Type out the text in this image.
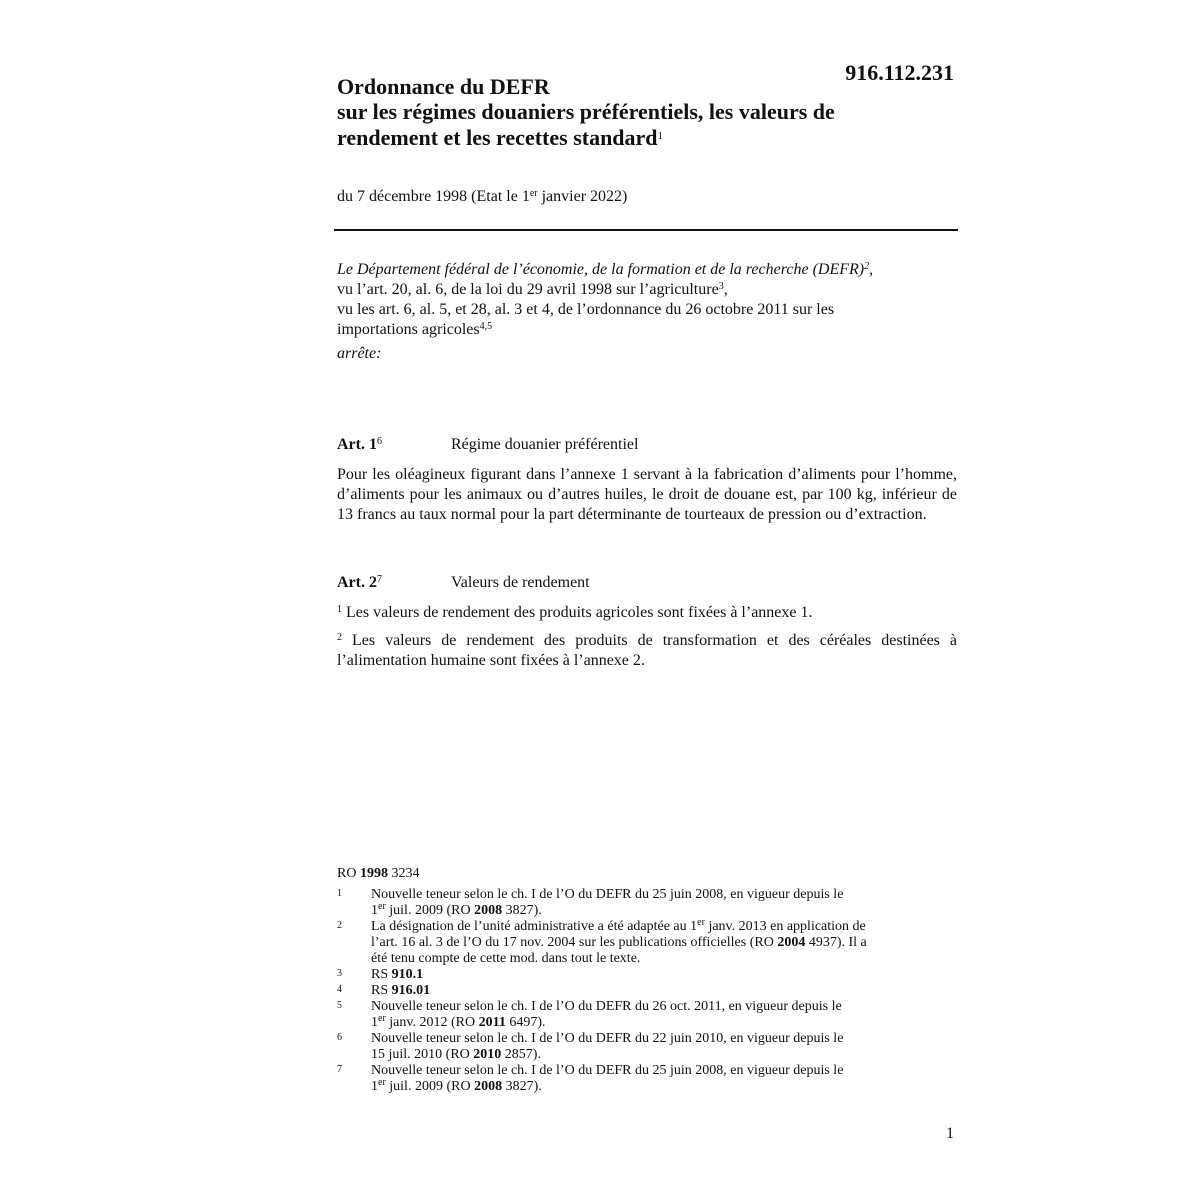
916.112.231
Ordonnance du DEFR
sur les régimes douaniers préférentiels, les valeurs de
rendement et les recettes standard$^1$
du 7 décembre 1998 (Etat le 1er janvier 2022)
Le Département fédéral de l’économie, de la formation et de la recherche (DEFR)$^2$,
vu l’art. 20, al. 6, de la loi du 29 avril 1998 sur l’agriculture$^3$,
vu les art. 6, al. 5, et 28, al. 3 et 4, de l’ordonnance du 26 octobre 2011 sur les
importations agricoles$^{4,5}$
arrête:
Art. $1^6$	Régime douanier préférentiel
Pour les oléagineux figurant dans l’annexe 1 servant à la fabrication d’aliments pour l’homme, d’aliments pour les animaux ou d’autres huiles, le droit de douane est, par 100 kg, inférieur de 13 francs au taux normal pour la part déterminante de tourteaux de pression ou d’extraction.
Art. $2^7$	Valeurs de rendement
$^1$ Les valeurs de rendement des produits agricoles sont fixées à l’annexe 1.
$^2$ Les valeurs de rendement des produits de transformation et des céréales destinées à l’alimentation humaine sont fixées à l’annexe 2.
RO 1998 3234
1 Nouvelle teneur selon le ch. I de l’O du DEFR du 25 juin 2008, en vigueur depuis le
1er juil. 2009 (RO 2008 3827).
2 La désignation de l’unité administrative a été adaptée au 1er janv. 2013 en application de
l’art. 16 al. 3 de l’O du 17 nov. 2004 sur les publications officielles (RO 2004 4937). Il a
été tenu compte de cette mod. dans tout le texte.
3 RS 910.1
4 RS 916.01
5 Nouvelle teneur selon le ch. I de l’O du DEFR du 26 oct. 2011, en vigueur depuis le
1er janv. 2012 (RO 2011 6497).
6 Nouvelle teneur selon le ch. I de l’O du DEFR du 22 juin 2010, en vigueur depuis le
15 juil. 2010 (RO 2010 2857).
7 Nouvelle teneur selon le ch. I de l’O du DEFR du 25 juin 2008, en vigueur depuis le
1er juil. 2009 (RO 2008 3827).
1
